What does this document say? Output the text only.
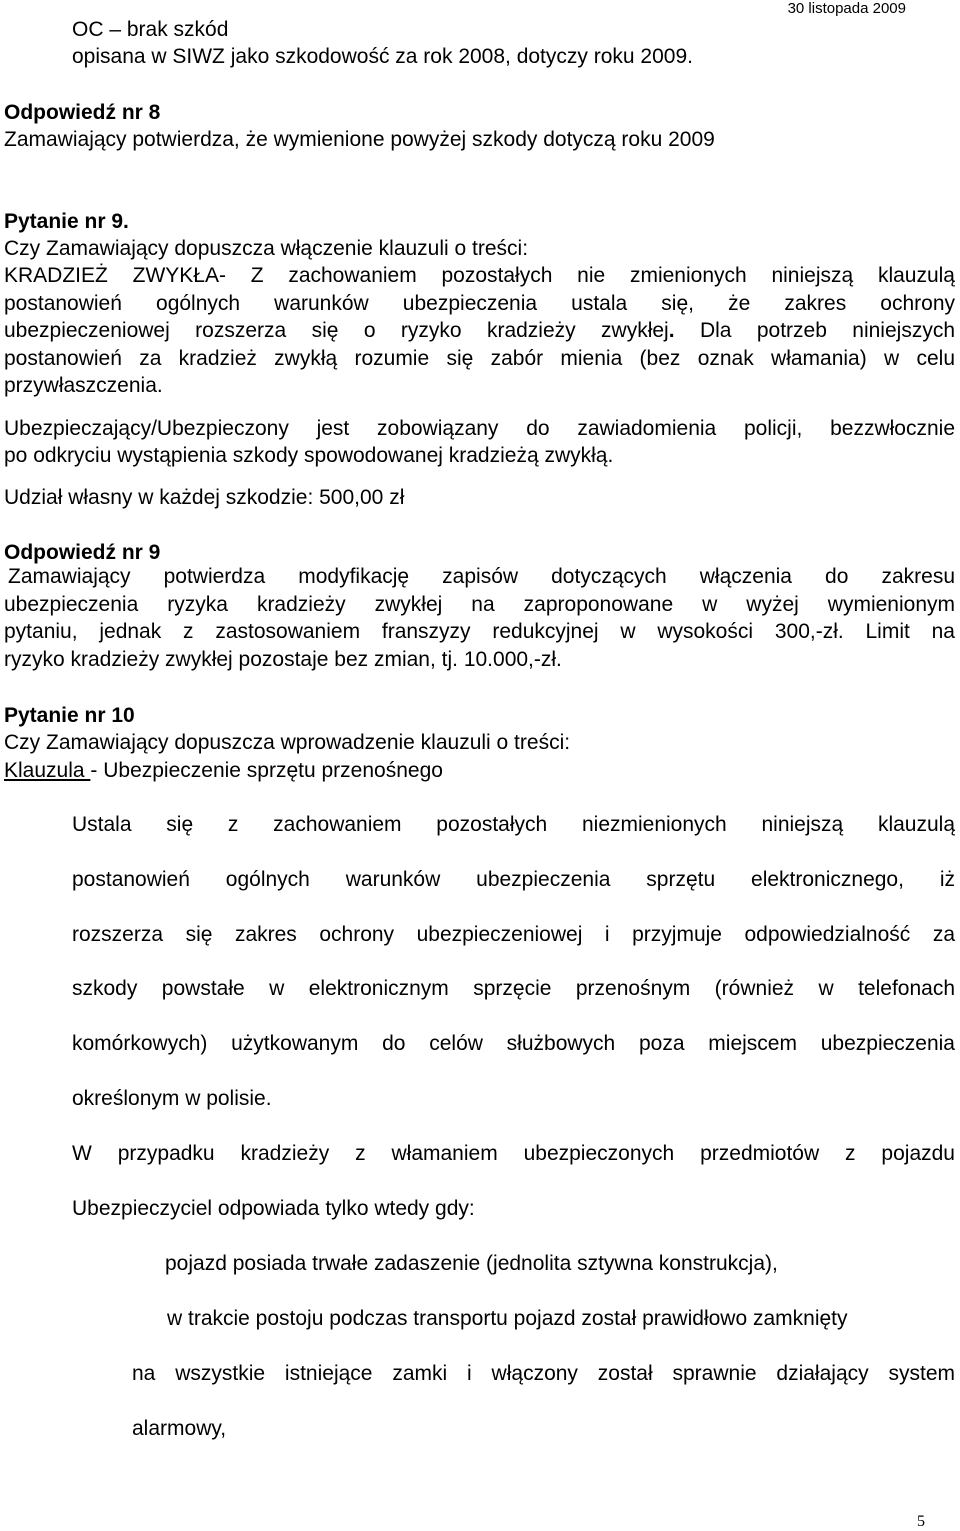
OC – brak szkód
opisana w SIWZ jako szkodowość za rok 2008, dotyczy roku 2009.
30 listopada 2009
Odpowiedź nr 8
Zamawiający potwierdza, że wymienione powyżej szkody dotyczą roku 2009
Pytanie nr 9.
Czy Zamawiający dopuszcza włączenie klauzuli o treści:
KRADZIEŻ ZWYKŁA- Z zachowaniem pozostałych nie zmienionych niniejszą klauzulą
postanowień ogólnych warunków ubezpieczenia ustala się, że zakres ochrony
ubezpieczeniowej rozszerza się o ryzyko kradzieży zwykłej. Dla potrzeb niniejszych
postanowień za kradzież zwykłą rozumie się zabór mienia (bez oznak włamania) w celu
przywłaszczenia.
Ubezpieczający/Ubezpieczony jest zobowiązany do zawiadomienia policji, bezzwłocznie
po odkryciu wystąpienia szkody spowodowanej kradzieżą zwykłą.
Udział własny w każdej szkodzie: 500,00 zł
Odpowiedź nr 9
Zamawiający potwierdza modyfikację zapisów dotyczących włączenia do zakresu
ubezpieczenia ryzyka kradzieży zwykłej na zaproponowane w wyżej wymienionym
pytaniu, jednak z zastosowaniem franszyzy redukcyjnej w wysokości 300,-zł. Limit na
ryzyko kradzieży zwykłej pozostaje bez zmian, tj. 10.000,-zł.
Pytanie nr 10
Czy Zamawiający dopuszcza wprowadzenie klauzuli o treści:
Klauzula - Ubezpieczenie sprzętu przenośnego
Ustala się z zachowaniem pozostałych niezmienionych niniejszą klauzulą
postanowień ogólnych warunków ubezpieczenia sprzętu elektronicznego, iż
rozszerza się zakres ochrony ubezpieczeniowej i przyjmuje odpowiedzialność za
szkody powstałe w elektronicznym sprzęcie przenośnym (również w telefonach
komórkowych) użytkowanym do celów służbowych poza miejscem ubezpieczenia
określonym w polisie.
W przypadku kradzieży z włamaniem ubezpieczonych przedmiotów z pojazdu
Ubezpieczyciel odpowiada tylko wtedy gdy:
pojazd posiada trwałe zadaszenie (jednolita sztywna konstrukcja),
w trakcie postoju podczas transportu pojazd został prawidłowo zamknięty
na wszystkie istniejące zamki i włączony został sprawnie działający system
alarmowy,
5
